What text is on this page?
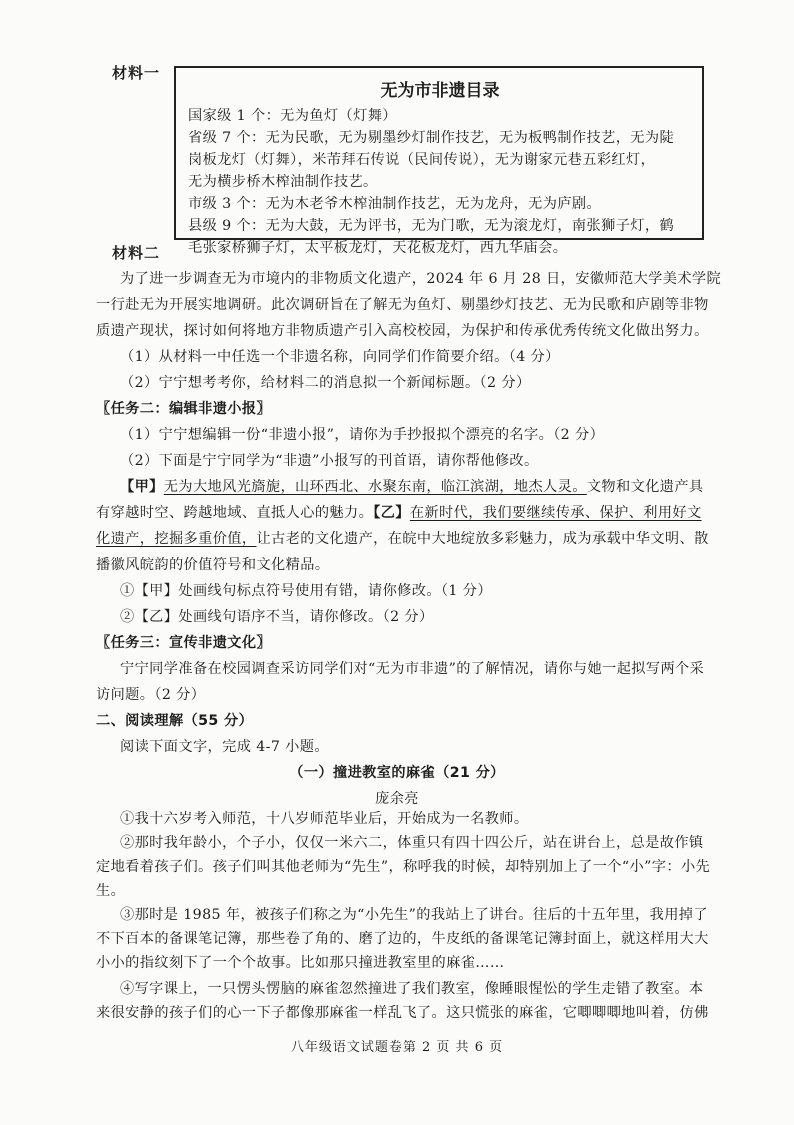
材料一
无为市非遗目录
国家级 1 个：无为鱼灯（灯舞）
省级 7 个：无为民歌，无为剔墨纱灯制作技艺，无为板鸭制作技艺，无为陡
岗板龙灯（灯舞），米芾拜石传说（民间传说），无为谢家元巷五彩红灯，
无为横步桥木榨油制作技艺。
市级 3 个：无为木老爷木榨油制作技艺，无为龙舟，无为庐剧。
县级 9 个：无为大鼓，无为评书，无为门歌，无为滚龙灯，南张狮子灯，鹤
毛张家桥狮子灯，太平板龙灯，天花板龙灯，西九华庙会。
材料二
为了进一步调查无为市境内的非物质文化遗产，2024 年 6 月 28 日，安徽师范大学美术学院
一行赴无为开展实地调研。此次调研旨在了解无为鱼灯、剔墨纱灯技艺、无为民歌和庐剧等非物
质遗产现状，探讨如何将地方非物质遗产引入高校校园，为保护和传承优秀传统文化做出努力。
（1）从材料一中任选一个非遗名称，向同学们作简要介绍。（4 分）
（2）宁宁想考考你，给材料二的消息拟一个新闻标题。（2 分）
〖任务二：编辑非遗小报〗
（1）宁宁想编辑一份“非遗小报”，请你为手抄报拟个漂亮的名字。（2 分）
（2）下面是宁宁同学为“非遗”小报写的刊首语，请你帮他修改。
【甲】无为大地风光旖旎，山环西北、水聚东南，临江滨湖，地杰人灵。文物和文化遗产具
有穿越时空、跨越地域、直抵人心的魅力。【乙】在新时代，我们要继续传承、保护、利用好文
化遗产，挖掘多重价值，让古老的文化遗产，在皖中大地绽放多彩魅力，成为承载中华文明、散
播徽风皖韵的价值符号和文化精品。
①【甲】处画线句标点符号使用有错，请你修改。（1 分）
②【乙】处画线句语序不当，请你修改。（2 分）
〖任务三：宣传非遗文化〗
宁宁同学准备在校园调查采访同学们对“无为市非遗”的了解情况，请你与她一起拟写两个采
访问题。（2 分）
二、阅读理解（55 分）
阅读下面文字，完成 4-7 小题。
（一）撞进教室的麻雀（21 分）
庞余亮
①我十六岁考入师范，十八岁师范毕业后，开始成为一名教师。
②那时我年龄小，个子小，仅仅一米六二，体重只有四十四公斤，站在讲台上，总是故作镇
定地看着孩子们。孩子们叫其他老师为“先生”，称呼我的时候，却特别加上了一个“小”字：小先
生。
③那时是 1985 年，被孩子们称之为“小先生”的我站上了讲台。往后的十五年里，我用掉了
不下百本的备课笔记簿，那些卷了角的、磨了边的，牛皮纸的备课笔记簿封面上，就这样用大大
小小的指纹刻下了一个个故事。比如那只撞进教室里的麻雀……
④写字课上，一只愣头愣脑的麻雀忽然撞进了我们教室，像睡眼惺忪的学生走错了教室。本
八年级语文试题卷第 2 页 共 6 页
来很安静的孩子们的心一下子都像那麻雀一样乱飞了。这只慌张的麻雀，它唧唧唧地叫着，仿佛
